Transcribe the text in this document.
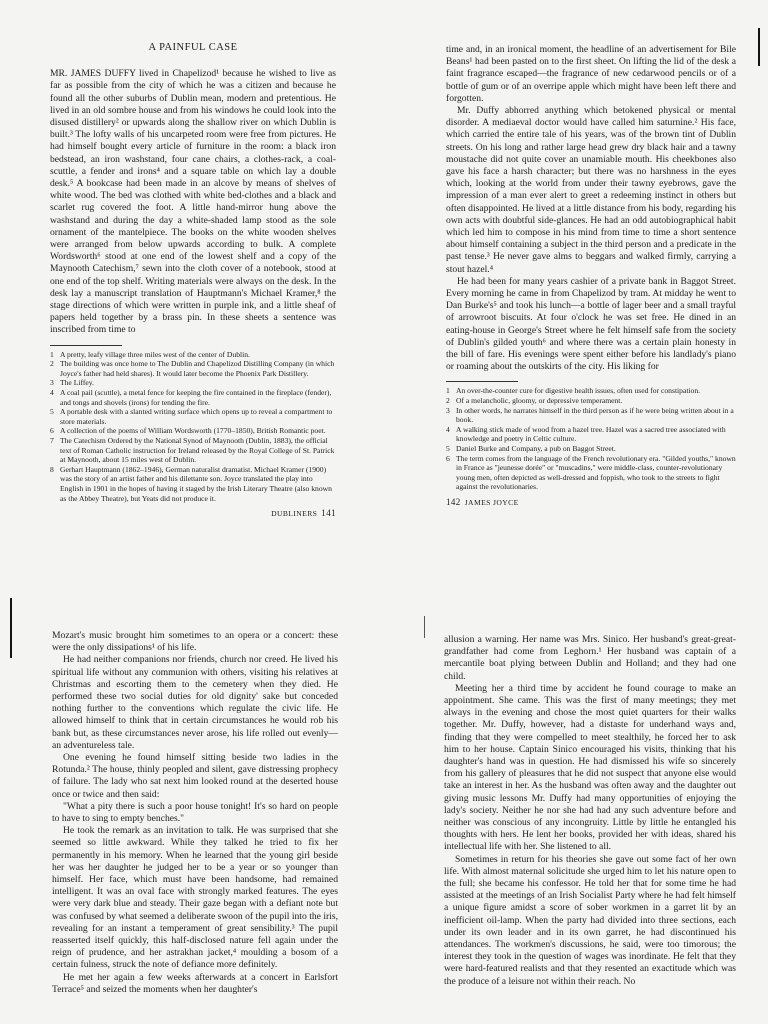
A PAINFUL CASE

MR. JAMES DUFFY lived in Chapelizod¹ because he wished to live as far as possible from the city of which he was a citizen and because he found all the other suburbs of Dublin mean, modern and pretentious. He lived in an old sombre house and from his windows he could look into the disused distillery² or upwards along the shallow river on which Dublin is built.³ The lofty walls of his uncarpeted room were free from pictures. He had himself bought every article of furniture in the room: a black iron bedstead, an iron washstand, four cane chairs, a clothes-rack, a coal-scuttle, a fender and irons⁴ and a square table on which lay a double desk.⁵ A bookcase had been made in an alcove by means of shelves of white wood. The bed was clothed with white bed-clothes and a black and scarlet rug covered the foot. A little hand-mirror hung above the washstand and during the day a white-shaded lamp stood as the sole ornament of the mantelpiece. The books on the white wooden shelves were arranged from below upwards according to bulk. A complete Wordsworth⁶ stood at one end of the lowest shelf and a copy of the Maynooth Catechism,⁷ sewn into the cloth cover of a notebook, stood at one end of the top shelf. Writing materials were always on the desk. In the desk lay a manuscript translation of Hauptmann's Michael Kramer,⁸ the stage directions of which were written in purple ink, and a little sheaf of papers held together by a brass pin. In these sheets a sentence was inscribed from time to

1 A pretty, leafy village three miles west of the center of Dublin.
2 The building was once home to The Dublin and Chapelizod Distilling Company (in which Joyce's father had held shares). It would later become the Phoenix Park Distillery.
3 The Liffey.
4 A coal pail (scuttle), a metal fence for keeping the fire contained in the fireplace (fender), and tongs and shovels (irons) for tending the fire.
5 A portable desk with a slanted writing surface which opens up to reveal a compartment to store materials.
6 A collection of the poems of William Wordsworth (1770–1850), British Romantic poet.
7 The Catechism Ordered by the National Synod of Maynooth (Dublin, 1883), the official text of Roman Catholic instruction for Ireland released by the Royal College of St. Patrick at Maynooth, about 15 miles west of Dublin.
8 Gerhart Hauptmann (1862–1946), German naturalist dramatist. Michael Kramer (1900) was the story of an artist father and his dilettante son. Joyce translated the play into English in 1901 in the hopes of having it staged by the Irish Literary Theatre (also known as the Abbey Theatre), but Yeats did not produce it.
DUBLINERS 141

time and, in an ironical moment, the headline of an advertisement for Bile Beans¹ had been pasted on to the first sheet. On lifting the lid of the desk a faint fragrance escaped—the fragrance of new cedarwood pencils or of a bottle of gum or of an overripe apple which might have been left there and forgotten.

Mr. Duffy abhorred anything which betokened physical or mental disorder. A mediaeval doctor would have called him saturnine.² His face, which carried the entire tale of his years, was of the brown tint of Dublin streets. On his long and rather large head grew dry black hair and a tawny moustache did not quite cover an unamiable mouth. His cheekbones also gave his face a harsh character; but there was no harshness in the eyes which, looking at the world from under their tawny eyebrows, gave the impression of a man ever alert to greet a redeeming instinct in others but often disappointed. He lived at a little distance from his body, regarding his own acts with doubtful side-glances. He had an odd autobiographical habit which led him to compose in his mind from time to time a short sentence about himself containing a subject in the third person and a predicate in the past tense.³ He never gave alms to beggars and walked firmly, carrying a stout hazel.⁴

He had been for many years cashier of a private bank in Baggot Street. Every morning he came in from Chapelizod by tram. At midday he went to Dan Burke's⁵ and took his lunch—a bottle of lager beer and a small trayful of arrowroot biscuits. At four o'clock he was set free. He dined in an eating-house in George's Street where he felt himself safe from the society of Dublin's gilded youth⁶ and where there was a certain plain honesty in the bill of fare. His evenings were spent either before his landlady's piano or roaming about the outskirts of the city. His liking for

1 An over-the-counter cure for digestive health issues, often used for constipation.
2 Of a melancholic, gloomy, or depressive temperament.
3 In other words, he narrates himself in the third person as if he were being written about in a book.
4 A walking stick made of wood from a hazel tree. Hazel was a sacred tree associated with knowledge and poetry in Celtic culture.
5 Daniel Burke and Company, a pub on Baggot Street.
6 The term comes from the language of the French revolutionary era. "Gilded youths," known in France as "jeunesse dorée" or "muscadins," were middle-class, counter-revolutionary young men, often depicted as well-dressed and foppish, who took to the streets to fight against the revolutionaries.
142 JAMES JOYCE

Mozart's music brought him sometimes to an opera or a concert: these were the only dissipations¹ of his life.

He had neither companions nor friends, church nor creed. He lived his spiritual life without any communion with others, visiting his relatives at Christmas and escorting them to the cemetery when they died. He performed these two social duties for old dignity' sake but conceded nothing further to the conventions which regulate the civic life. He allowed himself to think that in certain circumstances he would rob his bank but, as these circumstances never arose, his life rolled out evenly—an adventureless tale.

One evening he found himself sitting beside two ladies in the Rotunda.² The house, thinly peopled and silent, gave distressing prophecy of failure. The lady who sat next him looked round at the deserted house once or twice and then said:

"What a pity there is such a poor house tonight! It's so hard on people to have to sing to empty benches."

He took the remark as an invitation to talk. He was surprised that she seemed so little awkward. While they talked he tried to fix her permanently in his memory. When he learned that the young girl beside her was her daughter he judged her to be a year or so younger than himself. Her face, which must have been handsome, had remained intelligent. It was an oval face with strongly marked features. The eyes were very dark blue and steady. Their gaze began with a defiant note but was confused by what seemed a deliberate swoon of the pupil into the iris, revealing for an instant a temperament of great sensibility.³ The pupil reasserted itself quickly, this half-disclosed nature fell again under the reign of prudence, and her astrakhan jacket,⁴ moulding a bosom of a certain fulness, struck the note of defiance more definitely.

He met her again a few weeks afterwards at a concert in Earlsfort Terrace⁵ and seized the moments when her daughter's

allusion a warning. Her name was Mrs. Sinico. Her husband's great-great-grandfather had come from Leghorn.¹ Her husband was captain of a mercantile boat plying between Dublin and Holland; and they had one child.

Meeting her a third time by accident he found courage to make an appointment. She came. This was the first of many meetings; they met always in the evening and chose the most quiet quarters for their walks together. Mr. Duffy, however, had a distaste for underhand ways and, finding that they were compelled to meet stealthily, he forced her to ask him to her house. Captain Sinico encouraged his visits, thinking that his daughter's hand was in question. He had dismissed his wife so sincerely from his gallery of pleasures that he did not suspect that anyone else would take an interest in her. As the husband was often away and the daughter out giving music lessons Mr. Duffy had many opportunities of enjoying the lady's society. Neither he nor she had had any such adventure before and neither was conscious of any incongruity. Little by little he entangled his thoughts with hers. He lent her books, provided her with ideas, shared his intellectual life with her. She listened to all.

Sometimes in return for his theories she gave out some fact of her own life. With almost maternal solicitude she urged him to let his nature open to the full; she became his confessor. He told her that for some time he had assisted at the meetings of an Irish Socialist Party where he had felt himself a unique figure amidst a score of sober workmen in a garret lit by an inefficient oil-lamp. When the party had divided into three sections, each under its own leader and in its own garret, he had discontinued his attendances. The workmen's discussions, he said, were too timorous; the interest they took in the question of wages was inordinate. He felt that they were hard-featured realists and that they resented an exactitude which was the produce of a leisure not within their reach. No
